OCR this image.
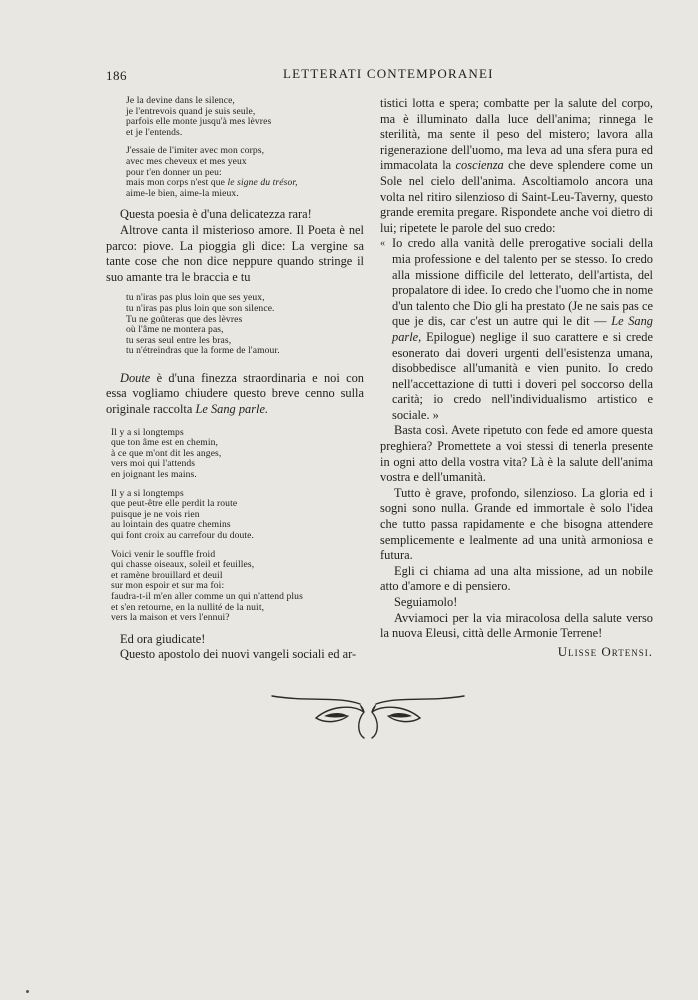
186	LETTERATI CONTEMPORANEI
Je la devine dans le silence,
je l'entrevois quand je suis seule,
parfois elle monte jusqu'à mes lèvres
et je l'entends.
J'essaie de l'imiter avec mon corps,
avec mes cheveux et mes yeux
pour t'en donner un peu:
mais mon corps n'est que le signe du trésor,
aime-le bien, aime-la mieux.

Questa poesia è d'una delicatezza rara!

Altrove canta il misterioso amore. Il Poeta è nel parco: piove. La pioggia gli dice: La vergine sa tante cose che non dice neppure quando stringe il suo amante tra le braccia e tu

tu n'iras pas plus loin que ses yeux,
tu n'iras pas plus loin que son silence.
Tu ne goûteras que des lèvres
où l'âme ne montera pas,
tu seras seul entre les bras,
tu n'étreindras que la forme de l'amour.

Doute è d'una finezza straordinaria e noi con essa vogliamo chiudere questo breve cenno sulla originale raccolta Le Sang parle.

Il y a si longtemps
que ton âme est en chemin,
à ce que m'ont dit les anges,
vers moi qui l'attends
en joignant les mains.
Il y a si longtemps
que peut-être elle perdit la route
puisque je ne vois rien
au lointain des quatre chemins
qui font croix au carrefour du doute.
Voici venir le souffle froid
qui chasse oiseaux, soleil et feuilles,
et ramène brouillard et deuil
sur mon espoir et sur ma foi:
faudra-t-il m'en aller comme un qui n'attend plus
et s'en retourne, en la nullité de la nuit,
vers la maison et vers l'ennui?

Ed ora giudicate!

Questo apostolo dei nuovi vangeli sociali ed ar-

tistici lotta e spera; combatte per la salute del corpo, ma è illuminato dalla luce dell'anima; rinnega le sterilità, ma sente il peso del mistero; lavora alla rigenerazione dell'uomo, ma leva ad una sfera pura ed immacolata la coscienza che deve splendere come un Sole nel cielo dell'anima. Ascoltiamolo ancora una volta nel ritiro silenzioso di Saint-Leu-Taverny, questo grande eremita pregare. Rispondete anche voi dietro di lui; ripetete le parole del suo credo:

« Io credo alla vanità delle prerogative sociali della mia professione e del talento per se stesso. Io credo alla missione difficile del letterato, dell'artista, del propalatore di idee. Io credo che l'uomo che in nome d'un talento che Dio gli ha prestato (Je ne sais pas ce que je dis, car c'est un autre qui le dit — Le Sang parle, Epilogue) neglige il suo carattere e si crede esonerato dai doveri urgenti dell'esistenza umana, disobbedisce all'umanità e vien punito. Io credo nell'accettazione di tutti i doveri pel soccorso della carità; io credo nell'individualismo artistico e sociale. »

Basta così. Avete ripetuto con fede ed amore questa preghiera? Promettete a voi stessi di tenerla presente in ogni atto della vostra vita? Là è la salute dell'anima vostra e dell'umanità.

Tutto è grave, profondo, silenzioso. La gloria ed i sogni sono nulla. Grande ed immortale è solo l'idea che tutto passa rapidamente e che bisogna attendere semplicemente e lealmente ad una unità armoniosa e futura.

Egli ci chiama ad una alta missione, ad un nobile atto d'amore e di pensiero.

Seguiamolo!

Avviamoci per la via miracolosa della salute verso la nuova Eleusi, città delle Armonie Terrene!

Ulisse Ortensi.
